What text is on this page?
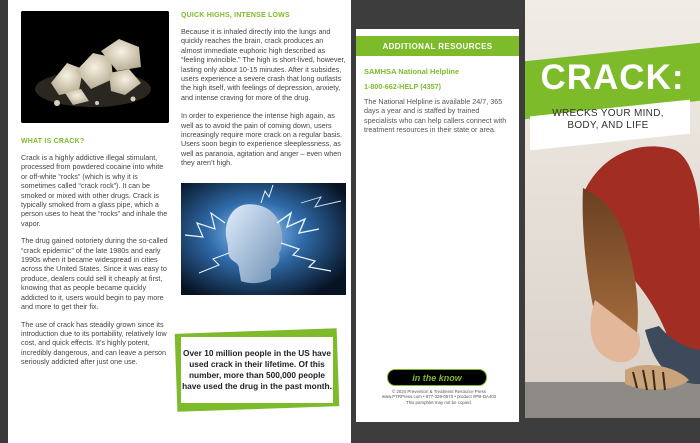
WHAT IS CRACK?

Crack is a highly addictive illegal stimulant, processed from powdered cocaine into white or off-white “rocks” (which is why it is sometimes called “crack rock”). It can be smoked or mixed with other drugs. Crack is typically smoked from a glass pipe, which a person uses to heat the “rocks” and inhale the vapor.

The drug gained notoriety during the so-called “crack epidemic” of the late 1980s and early 1990s when it became widespread in cities across the United States. Since it was easy to produce, dealers could sell it cheaply at first, knowing that as people became quickly addicted to it, users would begin to pay more and more to get their fix.

The use of crack has steadily grown since its introduction due to its portability, relatively low cost, and quick effects. It’s highly potent, incredibly dangerous, and can leave a person seriously addicted after just one use.

QUICK HIGHS, INTENSE LOWS

Because it is inhaled directly into the lungs and quickly reaches the brain, crack produces an almost immediate euphoric high described as “feeling invincible.” The high is short-lived, however, lasting only about 10-15 minutes. After it subsides, users experience a severe crash that long outlasts the high itself, with feelings of depression, anxiety, and intense craving for more of the drug.

In order to experience the intense high again, as well as to avoid the pain of coming down, users increasingly require more crack on a regular basis. Users soon begin to experience sleeplessness, as well as paranoia, agitation and anger – even when they aren’t high.

Over 10 million people in the US have used crack in their lifetime. Of this number, more than 500,000 people have used the drug in the past month.

ADDITIONAL RESOURCES
SAMHSA National Helpline
1-800-662-HELP (4357)

The National Helpline is available 24/7, 365 days a year and is staffed by trained specialists who can help callers connect with treatment resources in their state or area.

in the know
© 2024 Prevention & Treatment Resource Press
www.PTRPress.com • 877-329-0570 • product #PB-DA402
This pamphlet may not be copied.
CRACK:
WRECKS YOUR MIND, BODY, AND LIFE
